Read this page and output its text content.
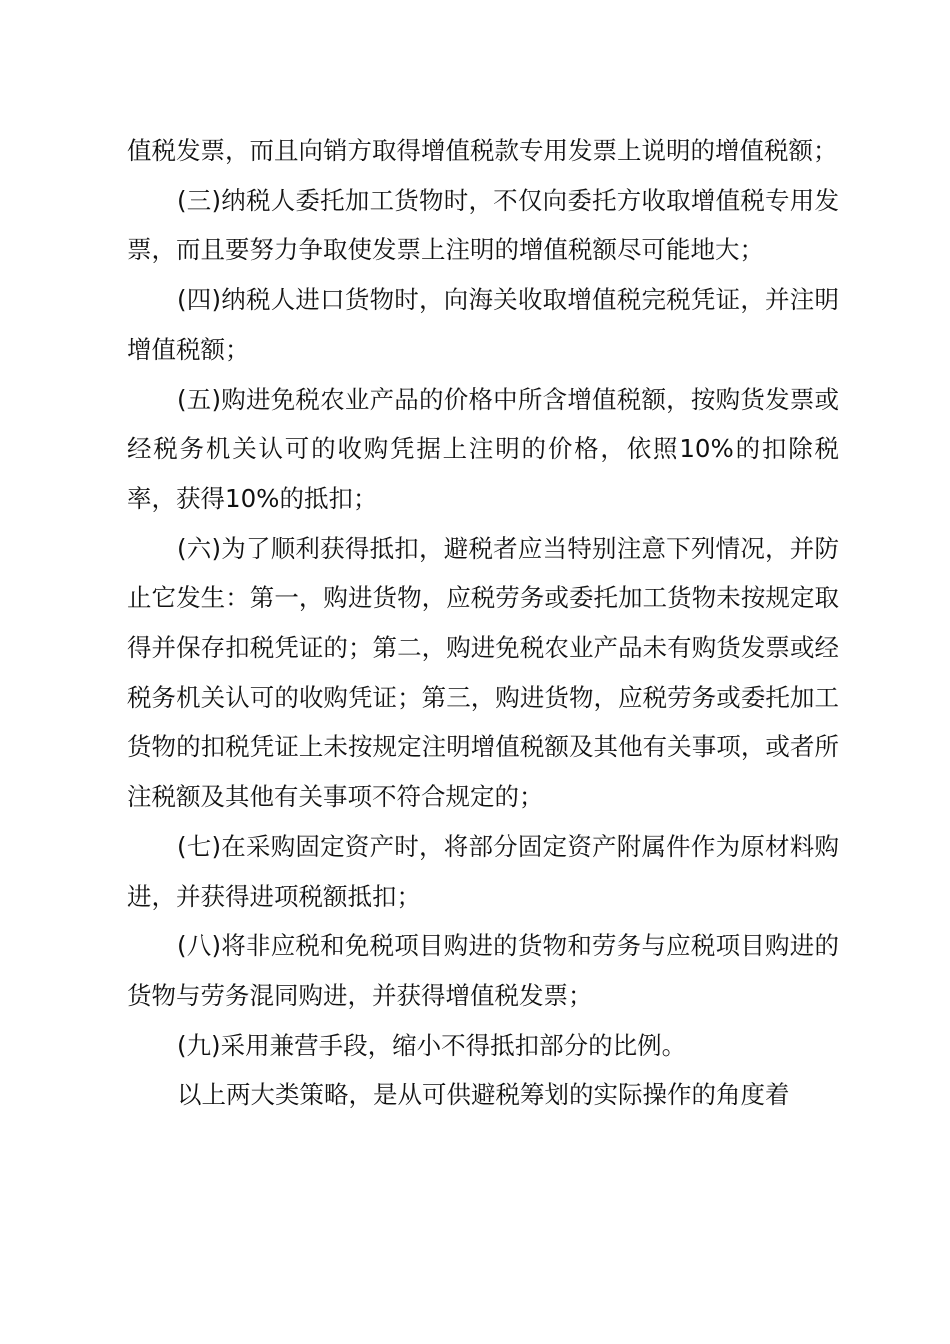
值税发票，而且向销方取得增值税款专用发票上说明的增值税额；

(三)纳税人委托加工货物时，不仅向委托方收取增值税专用发票，而且要努力争取使发票上注明的增值税额尽可能地大；

(四)纳税人进口货物时，向海关收取增值税完税凭证，并注明增值税额；

(五)购进免税农业产品的价格中所含增值税额，按购货发票或经税务机关认可的收购凭据上注明的价格，依照10%的扣除税率，获得10%的抵扣；

(六)为了顺利获得抵扣，避税者应当特别注意下列情况，并防止它发生：第一，购进货物，应税劳务或委托加工货物未按规定取得并保存扣税凭证的；第二，购进免税农业产品未有购货发票或经税务机关认可的收购凭证；第三，购进货物，应税劳务或委托加工货物的扣税凭证上未按规定注明增值税额及其他有关事项，或者所注税额及其他有关事项不符合规定的；

(七)在采购固定资产时，将部分固定资产附属件作为原材料购进，并获得进项税额抵扣；

(八)将非应税和免税项目购进的货物和劳务与应税项目购进的货物与劳务混同购进，并获得增值税发票；

(九)采用兼营手段，缩小不得抵扣部分的比例。

以上两大类策略，是从可供避税筹划的实际操作的角度着
